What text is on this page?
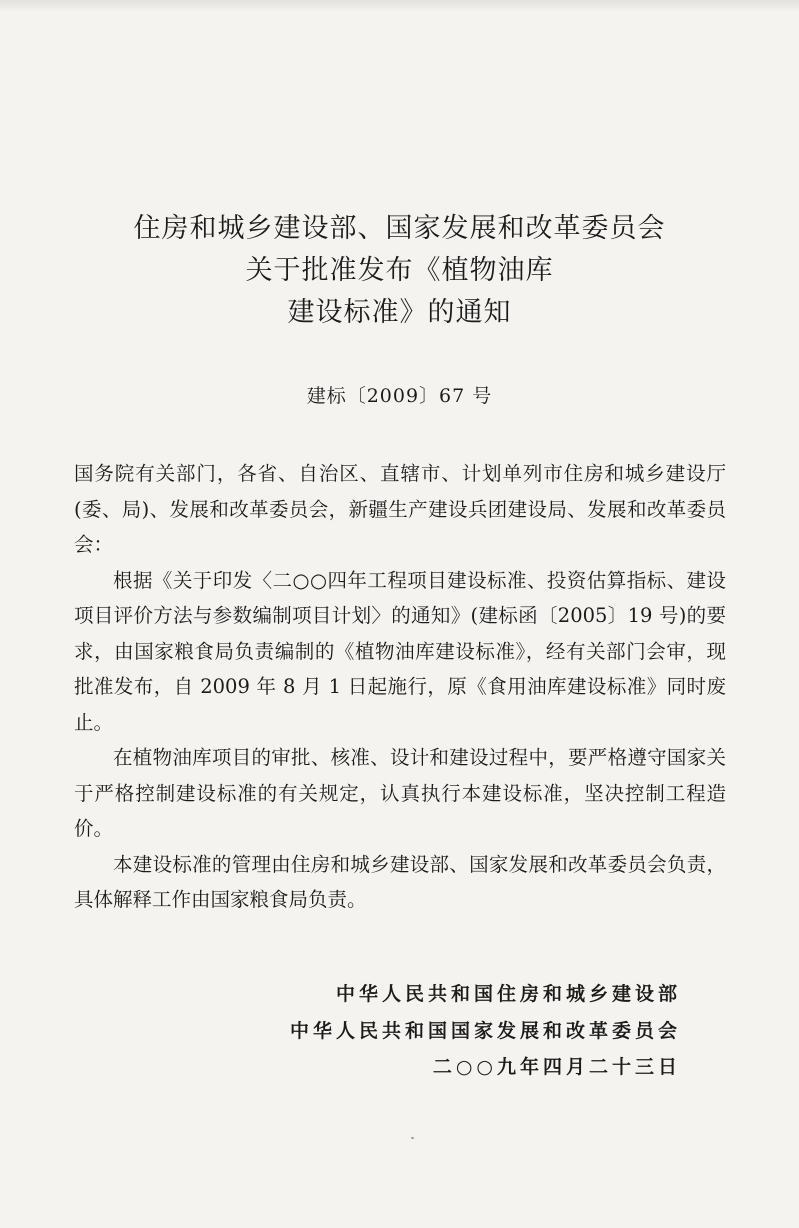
住房和城乡建设部、国家发展和改革委员会
关于批准发布《植物油库
建设标准》的通知
建标〔2009〕67 号

国务院有关部门，各省、自治区、直辖市、计划单列市住房和城乡建设厅(委、局)、发展和改革委员会，新疆生产建设兵团建设局、发展和改革委员会：

根据《关于印发〈二○○四年工程项目建设标准、投资估算指标、建设项目评价方法与参数编制项目计划〉的通知》(建标函〔2005〕19 号)的要求，由国家粮食局负责编制的《植物油库建设标准》，经有关部门会审，现批准发布，自 2009 年 8 月 1 日起施行，原《食用油库建设标准》同时废止。

在植物油库项目的审批、核准、设计和建设过程中，要严格遵守国家关于严格控制建设标准的有关规定，认真执行本建设标准，坚决控制工程造价。

本建设标准的管理由住房和城乡建设部、国家发展和改革委员会负责，具体解释工作由国家粮食局负责。

中华人民共和国住房和城乡建设部
中华人民共和国国家发展和改革委员会
二○○九年四月二十三日
